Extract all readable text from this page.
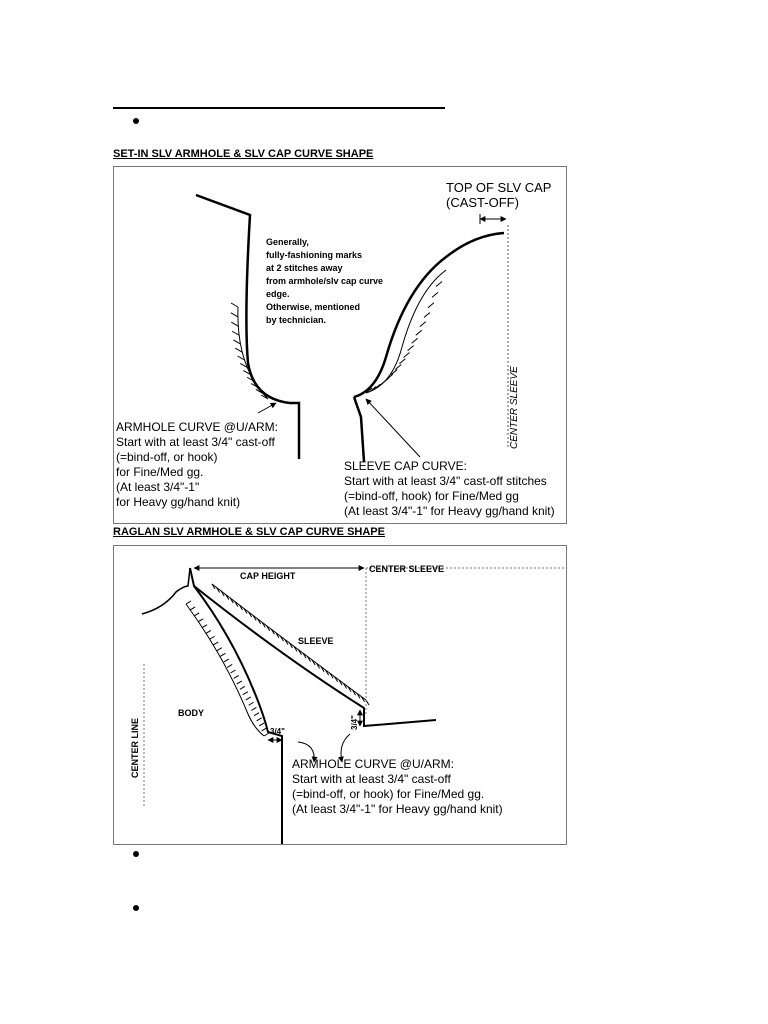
SET-IN SLV ARMHOLE & SLV CAP CURVE SHAPE
TOP OF SLV CAP
(CAST-OFF)
Generally, fully-fashioning marks at 2 stitches away from armhole/slv cap curve edge. Otherwise, mentioned by technician.
CENTER SLEEVE
ARMHOLE CURVE @U/ARM: Start with at least 3/4" cast-off (=bind-off, or hook) for Fine/Med gg. (At least 3/4"-1" for Heavy gg/hand knit)
SLEEVE CAP CURVE: Start with at least 3/4" cast-off stitches (=bind-off, hook) for Fine/Med gg (At least 3/4"-1" for Heavy gg/hand knit)
RAGLAN SLV ARMHOLE & SLV CAP CURVE SHAPE
CAP HEIGHT
CENTER SLEEVE
SLEEVE
BODY
CENTER LINE	3/4"
3/4"
ARMHOLE CURVE @U/ARM: Start with at least 3/4" cast-off (=bind-off, or hook) for Fine/Med gg. (At least 3/4"-1" for Heavy gg/hand knit)
